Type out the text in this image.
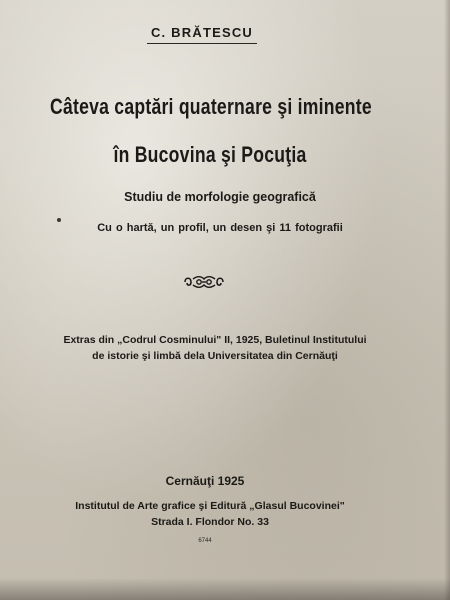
C. BRĂTESCU
Câteva captări quaternare şi iminente
în Bucovina şi Pocuţia
Studiu de morfologie geografică
Cu o hartă, un profil, un desen şi 11 fotografii
Extras din „Codrul Cosminului" II, 1925, Buletinul Institutului
de istorie şi limbă dela Universitatea din Cernăuţi
Cernăuţi 1925
Institutul de Arte grafice şi Editură „Glasul Bucovinei"
Strada I. Flondor No. 33
6744
